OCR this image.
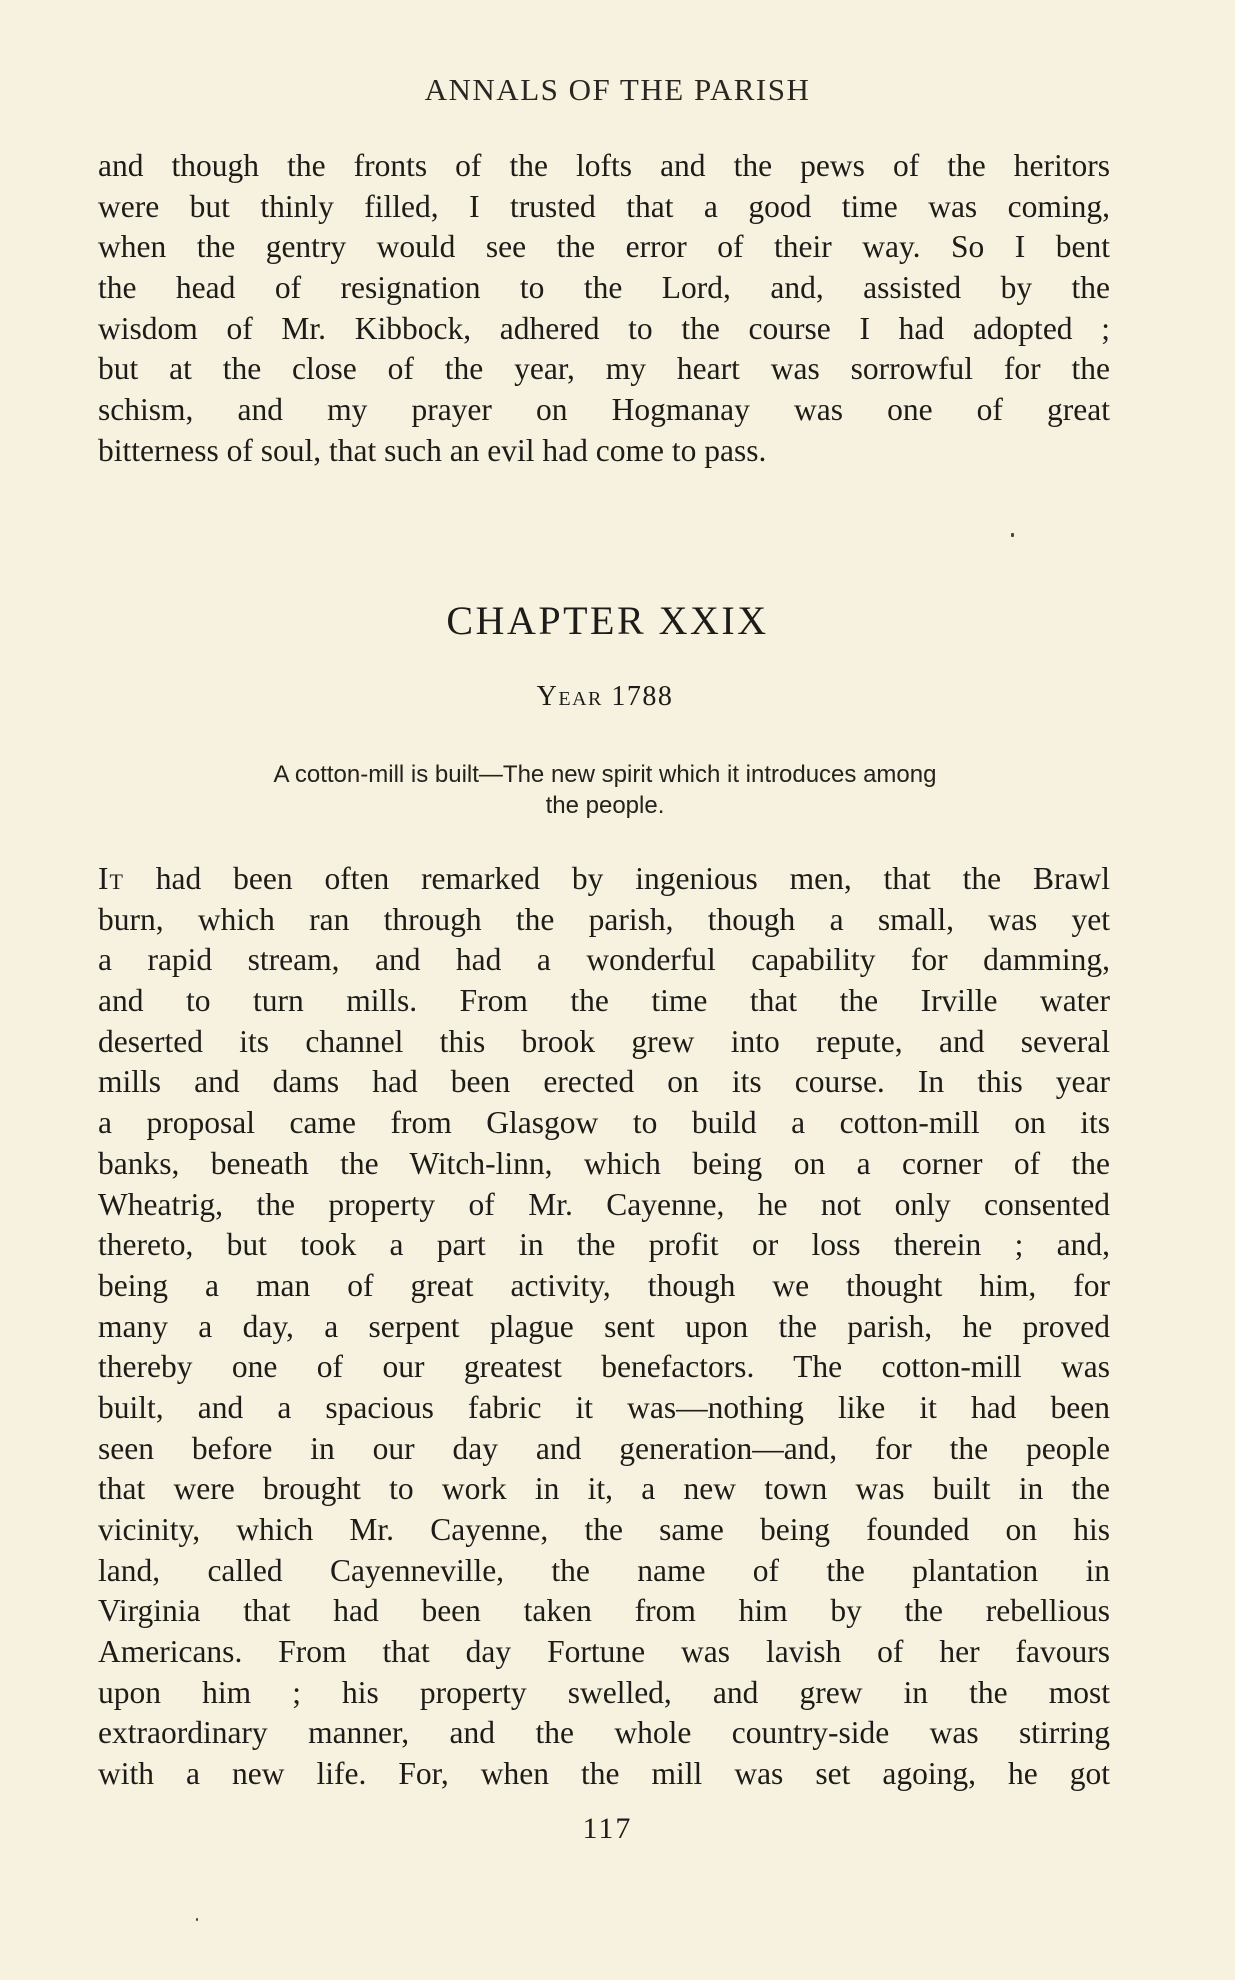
ANNALS OF THE PARISH
and though the fronts of the lofts and the pews of the heritors
were but thinly filled, I trusted that a good time was coming,
when the gentry would see the error of their way. So I bent
the head of resignation to the Lord, and, assisted by the
wisdom of Mr. Kibbock, adhered to the course I had adopted ;
but at the close of the year, my heart was sorrowful for the
schism, and my prayer on Hogmanay was one of great
bitterness of soul, that such an evil had come to pass.
CHAPTER XXIX
Year 1788
A cotton-mill is built—The new spirit which it introduces among
the people.
It had been often remarked by ingenious men, that the Brawl
burn, which ran through the parish, though a small, was yet
a rapid stream, and had a wonderful capability for damming,
and to turn mills. From the time that the Irville water
deserted its channel this brook grew into repute, and several
mills and dams had been erected on its course. In this year
a proposal came from Glasgow to build a cotton-mill on its
banks, beneath the Witch-linn, which being on a corner of the
Wheatrig, the property of Mr. Cayenne, he not only consented
thereto, but took a part in the profit or loss therein ; and,
being a man of great activity, though we thought him, for
many a day, a serpent plague sent upon the parish, he proved
thereby one of our greatest benefactors. The cotton-mill was
built, and a spacious fabric it was—nothing like it had been
seen before in our day and generation—and, for the people
that were brought to work in it, a new town was built in the
vicinity, which Mr. Cayenne, the same being founded on his
land, called Cayenneville, the name of the plantation in
Virginia that had been taken from him by the rebellious
Americans. From that day Fortune was lavish of her favours
upon him ; his property swelled, and grew in the most
extraordinary manner, and the whole country-side was stirring
with a new life. For, when the mill was set agoing, he got
117
